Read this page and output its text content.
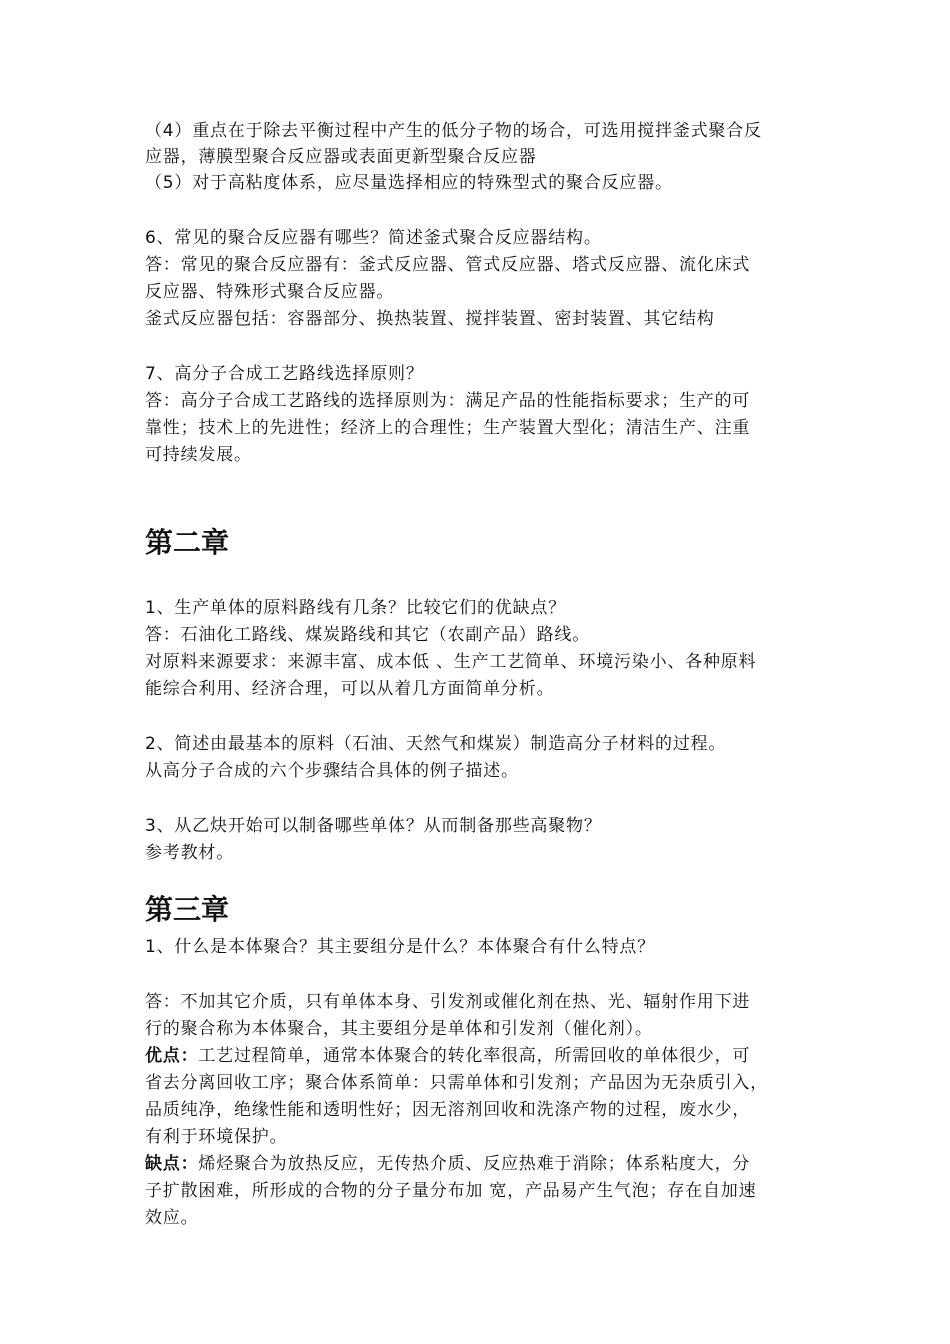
（4）重点在于除去平衡过程中产生的低分子物的场合，可选用搅拌釜式聚合反
应器，薄膜型聚合反应器或表面更新型聚合反应器
（5）对于高粘度体系，应尽量选择相应的特殊型式的聚合反应器。
6、常见的聚合反应器有哪些？简述釜式聚合反应器结构。
答：常见的聚合反应器有：釜式反应器、管式反应器、塔式反应器、流化床式
反应器、特殊形式聚合反应器。
釜式反应器包括：容器部分、换热装置、搅拌装置、密封装置、其它结构
7、高分子合成工艺路线选择原则？
答：高分子合成工艺路线的选择原则为：满足产品的性能指标要求；生产的可
靠性；技术上的先进性；经济上的合理性；生产装置大型化；清洁生产、注重
可持续发展。
第二章
1、生产单体的原料路线有几条？比较它们的优缺点？
答：石油化工路线、煤炭路线和其它（农副产品）路线。
对原料来源要求：来源丰富、成本低 、生产工艺简单、环境污染小、各种原料
能综合利用、经济合理，可以从着几方面简单分析。
2、简述由最基本的原料（石油、天然气和煤炭）制造高分子材料的过程。
从高分子合成的六个步骤结合具体的例子描述。
3、从乙炔开始可以制备哪些单体？从而制备那些高聚物？
参考教材。
第三章
1、什么是本体聚合？其主要组分是什么？本体聚合有什么特点？
答：不加其它介质，只有单体本身、引发剂或催化剂在热、光、辐射作用下进
行的聚合称为本体聚合，其主要组分是单体和引发剂（催化剂）。
优点：工艺过程简单，通常本体聚合的转化率很高，所需回收的单体很少，可
省去分离回收工序；聚合体系简单：只需单体和引发剂；产品因为无杂质引入，
品质纯净，绝缘性能和透明性好；因无溶剂回收和洗涤产物的过程，废水少，
有利于环境保护。
缺点：烯烃聚合为放热反应，无传热介质、反应热难于消除；体系粘度大，分
子扩散困难，所形成的合物的分子量分布加 宽，产品易产生气泡；存在自加速
效应。
